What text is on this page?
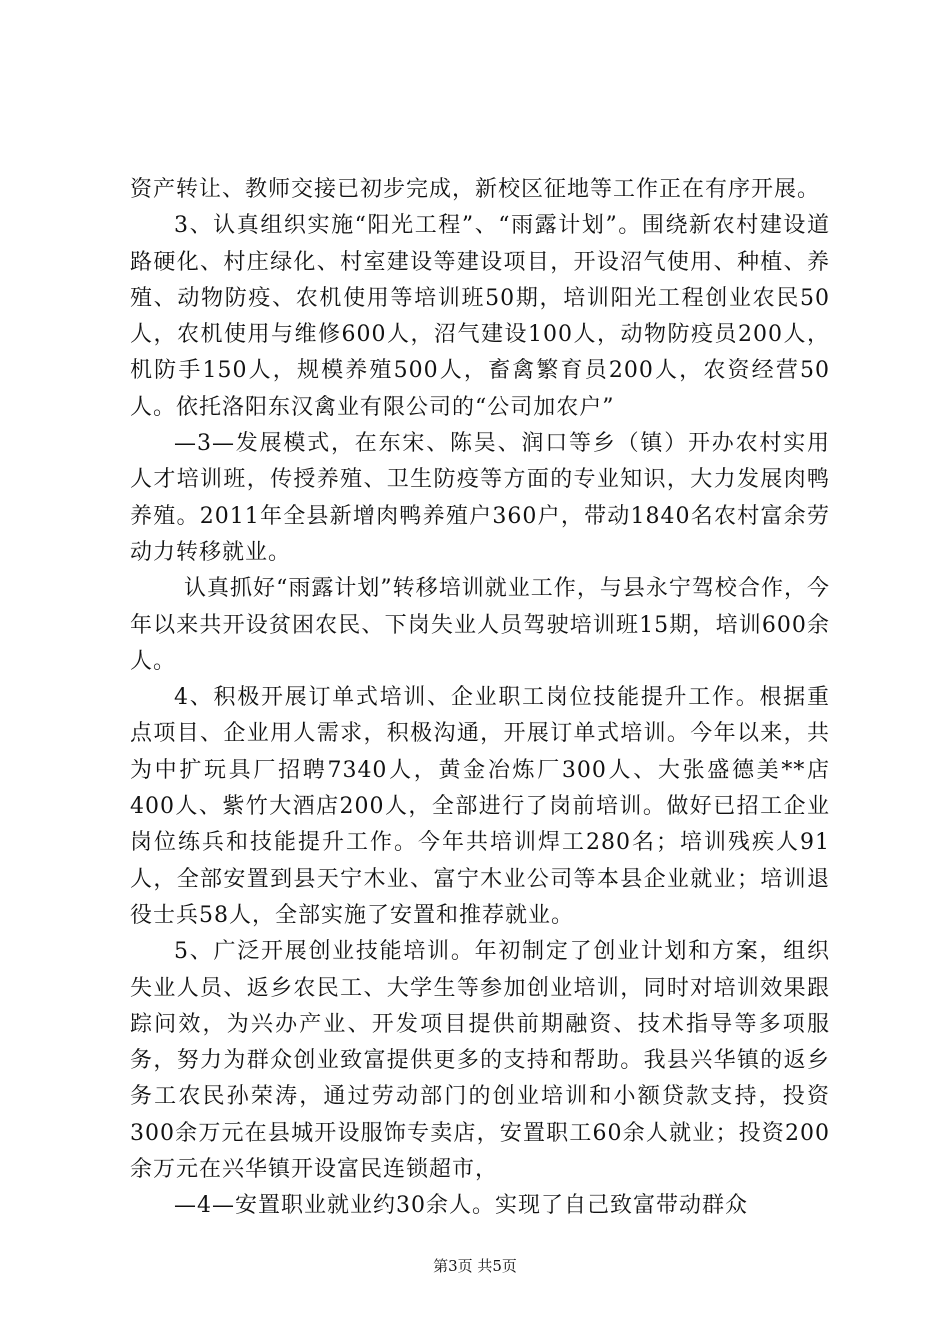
资产转让、教师交接已初步完成，新校区征地等工作正在有序开展。

3、认真组织实施“阳光工程”、“雨露计划”。围绕新农村建设道路硬化、村庄绿化、村室建设等建设项目，开设沼气使用、种植、养殖、动物防疫、农机使用等培训班50期，培训阳光工程创业农民50人，农机使用与维修600人，沼气建设100人，动物防疫员200人，机防手150人，规模养殖500人，畜禽繁育员200人，农资经营50人。依托洛阳东汉禽业有限公司的“公司加农户”

—3—发展模式，在东宋、陈吴、润口等乡（镇）开办农村实用人才培训班，传授养殖、卫生防疫等方面的专业知识，大力发展肉鸭养殖。2011年全县新增肉鸭养殖户360户，带动1840名农村富余劳动力转移就业。

认真抓好“雨露计划”转移培训就业工作，与县永宁驾校合作，今年以来共开设贫困农民、下岗失业人员驾驶培训班15期，培训600余人。

4、积极开展订单式培训、企业职工岗位技能提升工作。根据重点项目、企业用人需求，积极沟通，开展订单式培训。今年以来，共为中扩玩具厂招聘7340人，黄金冶炼厂300人、大张盛德美**店400人、紫竹大酒店200人，全部进行了岗前培训。做好已招工企业岗位练兵和技能提升工作。今年共培训焊工280名；培训残疾人91人，全部安置到县天宁木业、富宁木业公司等本县企业就业；培训退役士兵58人，全部实施了安置和推荐就业。

5、广泛开展创业技能培训。年初制定了创业计划和方案，组织失业人员、返乡农民工、大学生等参加创业培训，同时对培训效果跟踪问效，为兴办产业、开发项目提供前期融资、技术指导等多项服务，努力为群众创业致富提供更多的支持和帮助。我县兴华镇的返乡务工农民孙荣涛，通过劳动部门的创业培训和小额贷款支持，投资300余万元在县城开设服饰专卖店，安置职工60余人就业；投资200余万元在兴华镇开设富民连锁超市，

—4—安置职业就业约30余人。实现了自己致富带动群众

第3页 共5页
